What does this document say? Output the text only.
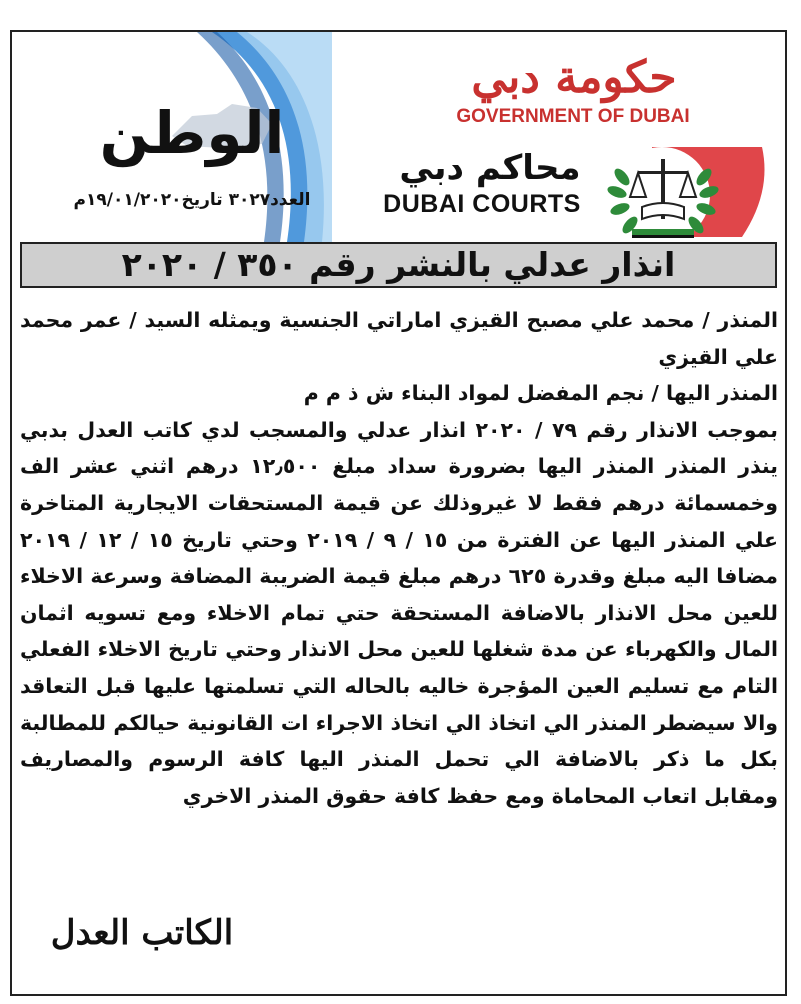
الوطن
العدد٣٠٢٧ تاريخ١٩/٠١/٢٠٢٠م
حكومة دبي
GOVERNMENT OF DUBAI
محاكم دبي
DUBAI COURTS
انذار عدلي بالنشر رقم ٣٥٠ / ٢٠٢٠

المنذر / محمد علي مصبح القيزي اماراتي الجنسية ويمثله السيد / عمر محمد علي القيزي

المنذر اليها / نجم المفضل لمواد البناء ش ذ م م

بموجب الانذار رقم ٧٩ / ٢٠٢٠ انذار عدلي والمسجب لدي كاتب العدل بدبي ينذر المنذر المنذر اليها بضرورة سداد مبلغ ١٢٫٥٠٠ درهم اثني عشر الف وخمسمائة درهم فقط لا غيروذلك عن قيمة المستحقات الايجارية المتاخرة علي المنذر اليها عن الفترة من ١٥ / ٩ / ٢٠١٩ وحتي تاريخ ١٥ / ١٢ / ٢٠١٩ مضافا اليه مبلغ وقدرة ٦٢٥ درهم مبلغ قيمة الضريبة المضافة وسرعة الاخلاء للعين محل الانذار بالاضافة المستحقة حتي تمام الاخلاء ومع تسويه اثمان المال والكهرباء عن مدة شغلها للعين محل الانذار وحتي تاريخ الاخلاء الفعلي التام مع تسليم العين المؤجرة خاليه بالحاله التي تسلمتها عليها قبل التعاقد والا سيضطر المنذر الي اتخاذ الي اتخاذ الاجراء ات القانونية حيالكم للمطالبة بكل ما ذكر بالاضافة الي تحمل المنذر اليها كافة الرسوم والمصاريف ومقابل اتعاب المحاماة ومع حفظ كافة حقوق المنذر الاخري

الكاتب العدل
